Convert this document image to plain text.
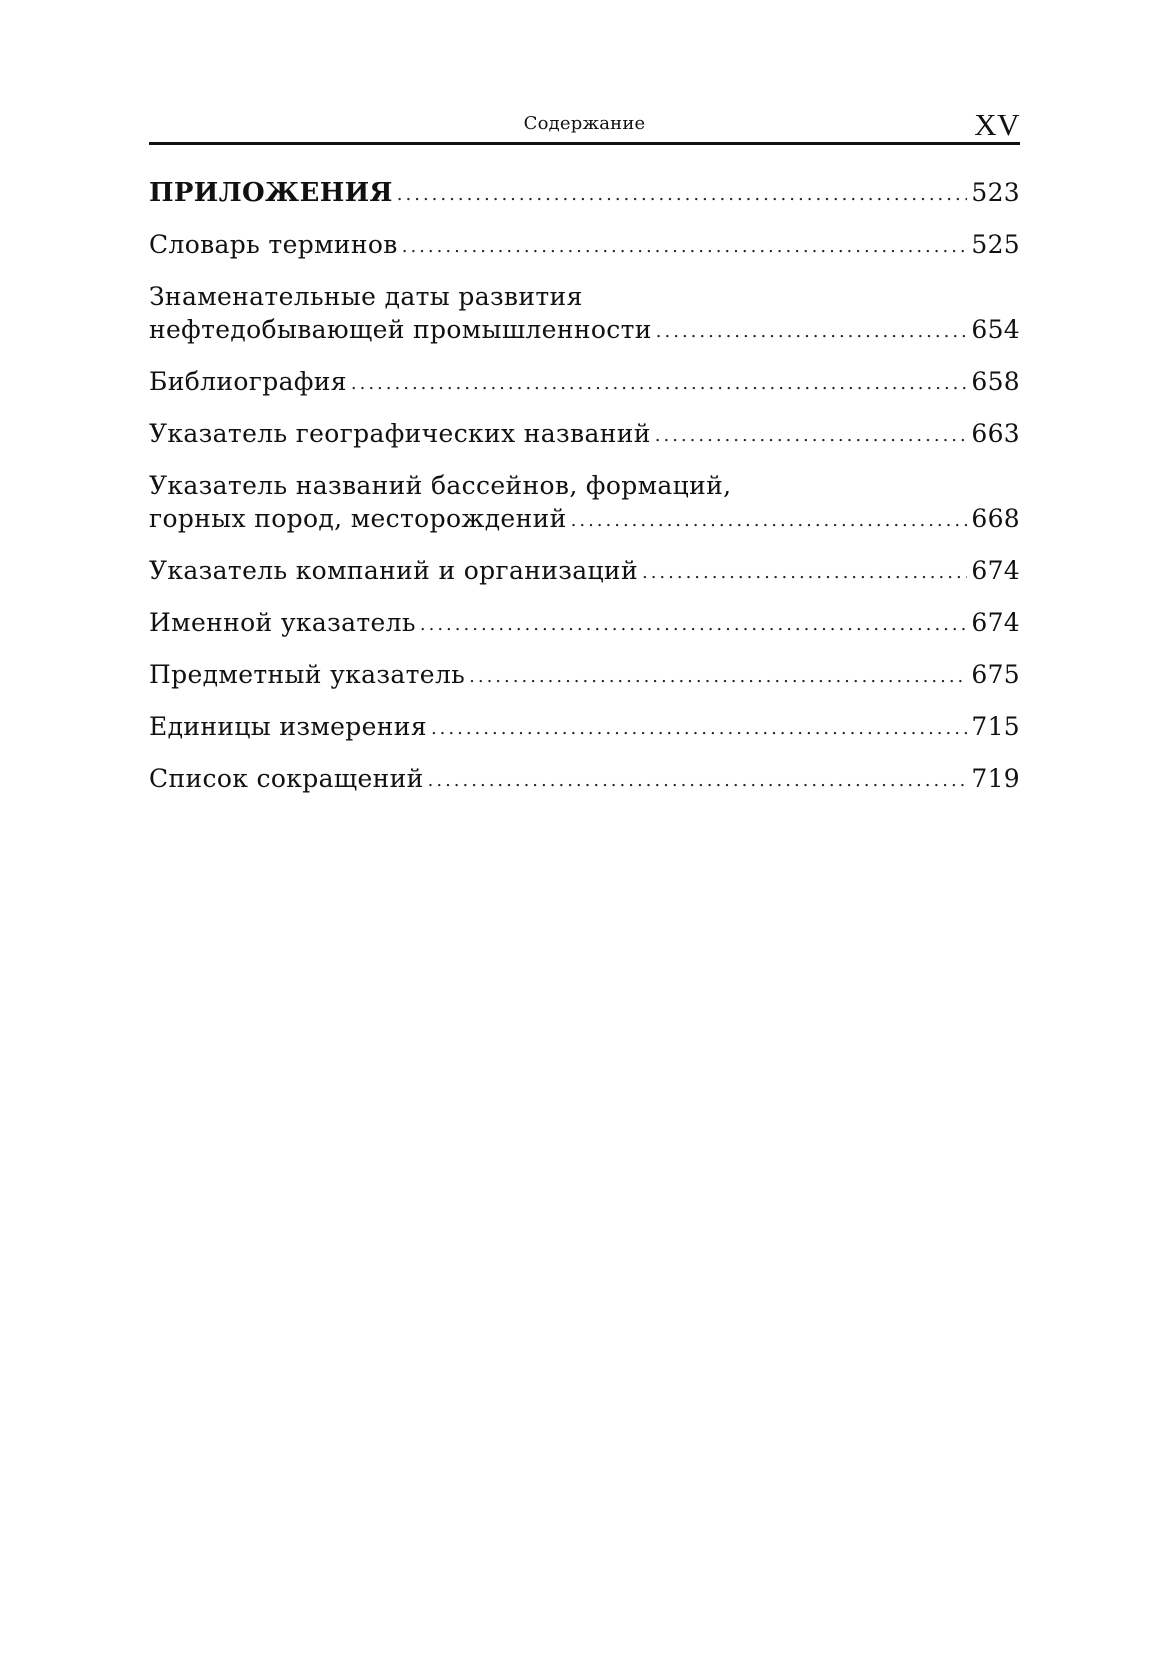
Содержание	XV
ПРИЛОЖЕНИЯ .....	523
Словарь терминов .....	525
Знаменательные даты развития
нефтедобывающей промышленности .....	654
Библиография .....	658
Указатель географических названий .....	663
Указатель названий бассейнов, формаций,
горных пород, месторождений .....	668
Указатель компаний и организаций .....	674
Именной указатель .....	674
Предметный указатель .....	675
Единицы измерения .....	715
Список сокращений .....	719
